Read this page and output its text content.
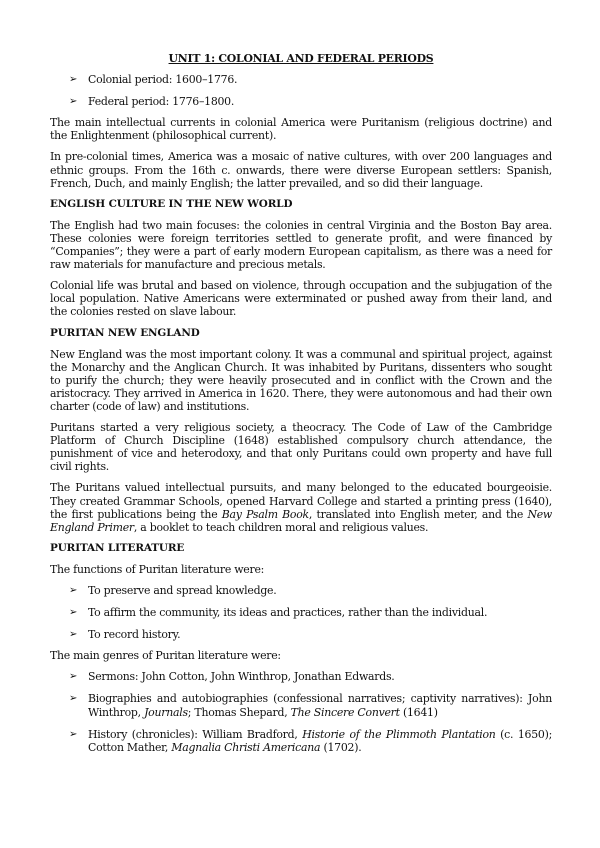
UNIT 1: COLONIAL AND FEDERAL PERIODS
➢ Colonial period: 1600–1776.
➢ Federal period: 1776–1800.

The main intellectual currents in colonial America were Puritanism (religious doctrine) and the Enlightenment (philosophical current).

In pre-colonial times, America was a mosaic of native cultures, with over 200 languages and ethnic groups. From the 16th c. onwards, there were diverse European settlers: Spanish, French, Duch, and mainly English; the latter prevailed, and so did their language.

ENGLISH CULTURE IN THE NEW WORLD

The English had two main focuses: the colonies in central Virginia and the Boston Bay area. These colonies were foreign territories settled to generate profit, and were financed by “Companies”; they were a part of early modern European capitalism, as there was a need for raw materials for manufacture and precious metals.

Colonial life was brutal and based on violence, through occupation and the subjugation of the local population. Native Americans were exterminated or pushed away from their land, and the colonies rested on slave labour.

PURITAN NEW ENGLAND

New England was the most important colony. It was a communal and spiritual project, against the Monarchy and the Anglican Church. It was inhabited by Puritans, dissenters who sought to purify the church; they were heavily prosecuted and in conflict with the Crown and the aristocracy. They arrived in America in 1620. There, they were autonomous and had their own charter (code of law) and institutions.

Puritans started a very religious society, a theocracy. The Code of Law of the Cambridge Platform of Church Discipline (1648) established compulsory church attendance, the punishment of vice and heterodoxy, and that only Puritans could own property and have full civil rights.

The Puritans valued intellectual pursuits, and many belonged to the educated bourgeoisie. They created Grammar Schools, opened Harvard College and started a printing press (1640), the first publications being the Bay Psalm Book, translated into English meter, and the New England Primer, a booklet to teach children moral and religious values.

PURITAN LITERATURE

The functions of Puritan literature were:

➢ To preserve and spread knowledge.
➢ To affirm the community, its ideas and practices, rather than the individual.
➢ To record history.

The main genres of Puritan literature were:

➢ Sermons: John Cotton, John Winthrop, Jonathan Edwards.
➢ Biographies and autobiographies (confessional narratives; captivity narratives): John Winthrop, Journals; Thomas Shepard, The Sincere Convert (1641)
➢ History (chronicles): William Bradford, Historie of the Plimmoth Plantation (c. 1650); Cotton Mather, Magnalia Christi Americana (1702).
